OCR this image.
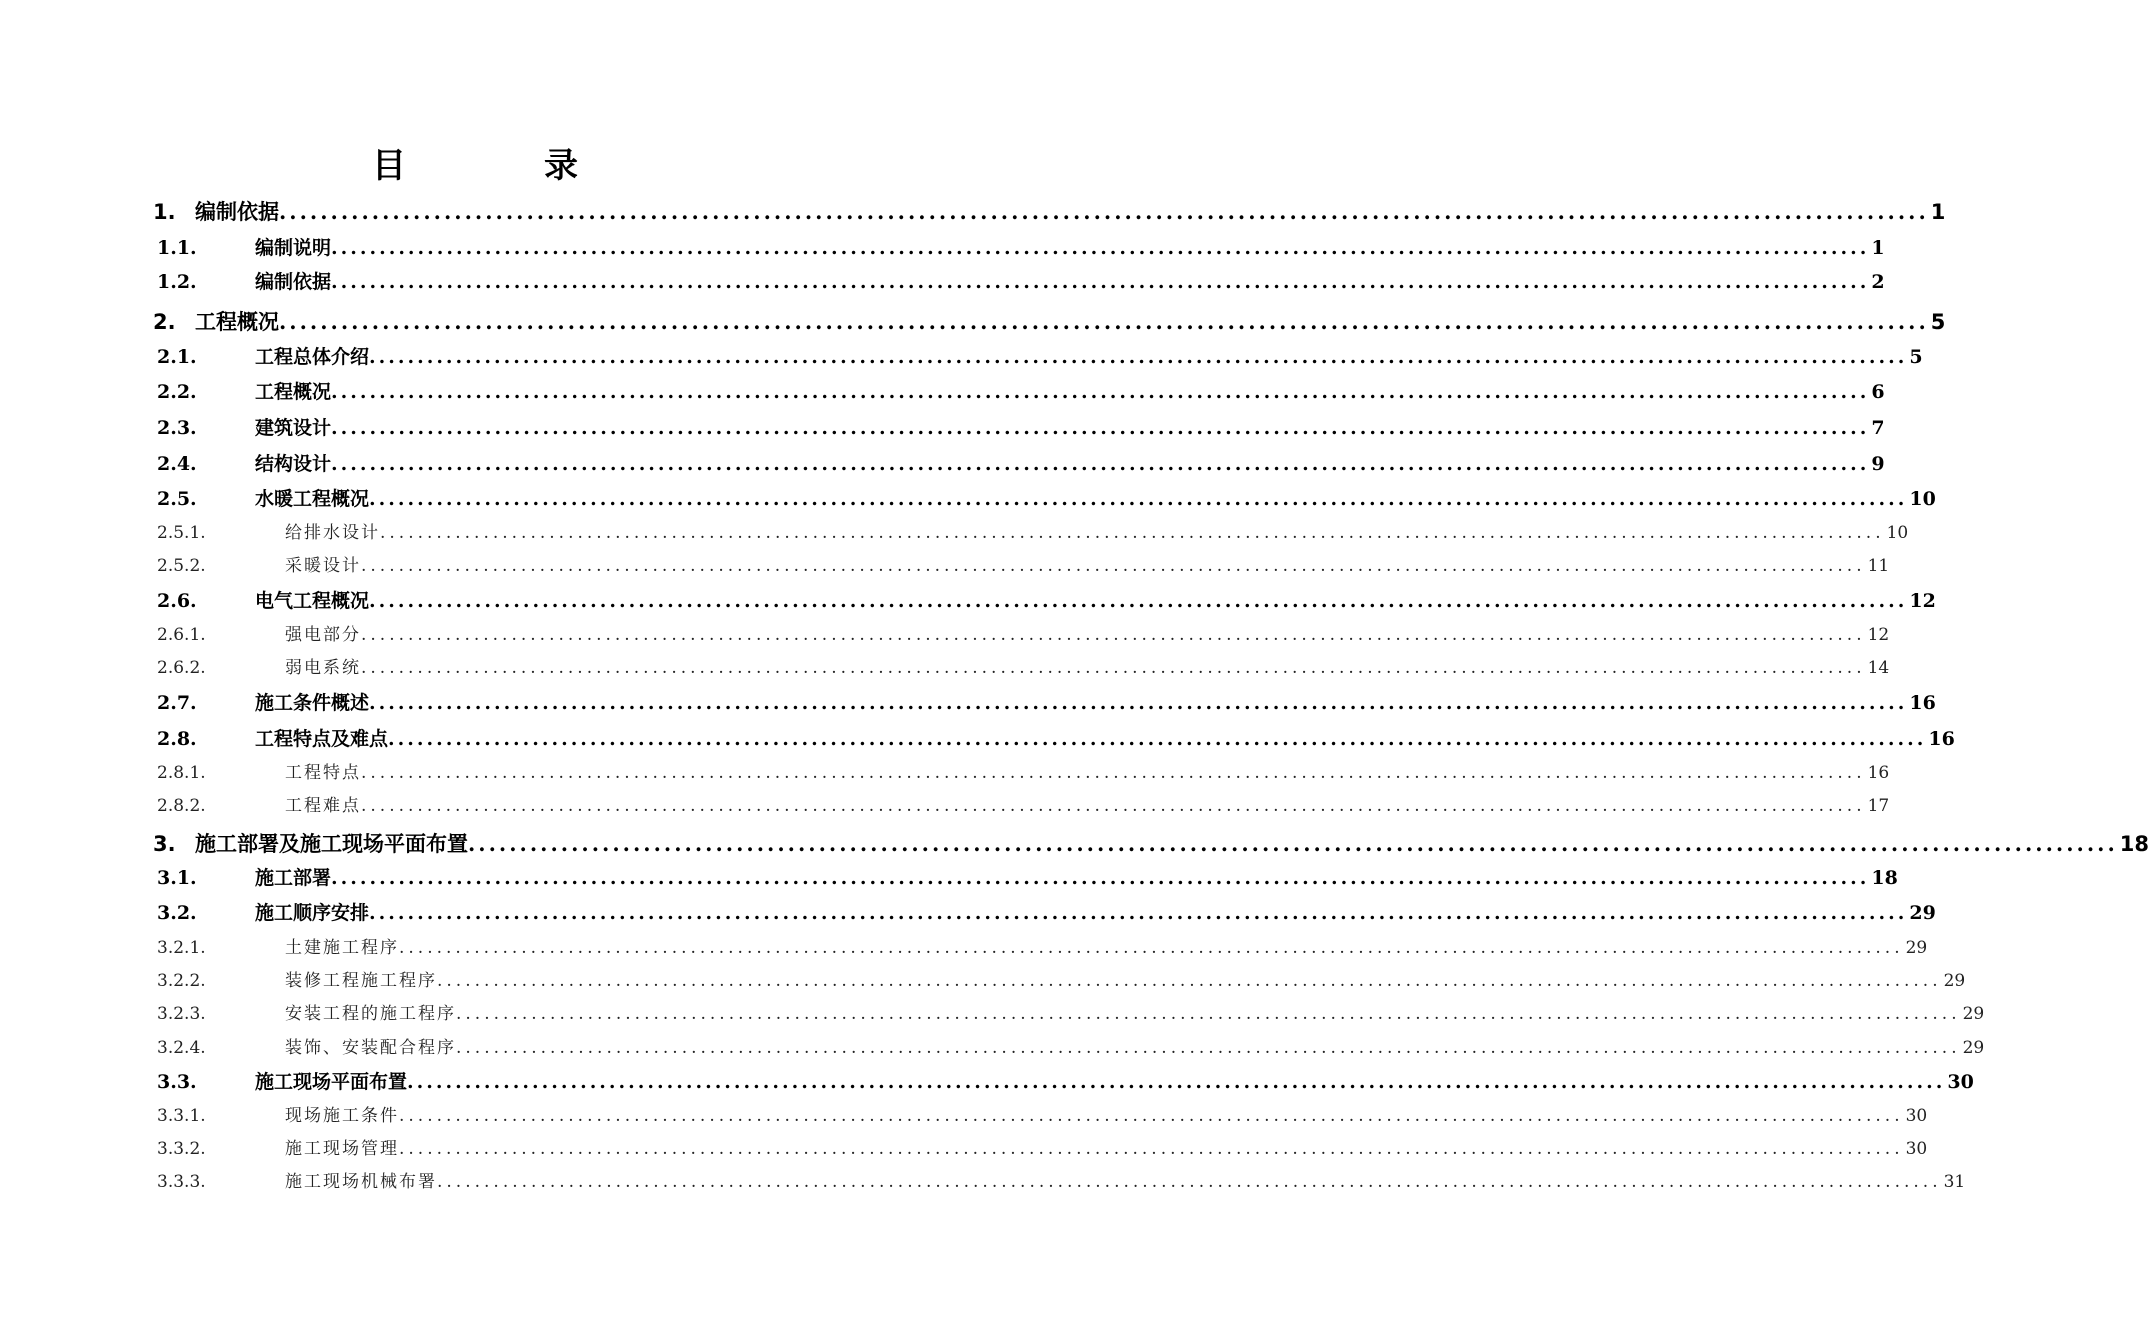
目　录
1. 编制依据 ................................................................................................................................................................ 1
1.1.	编制说明 ................................................................................................................................................................ 1
1.2.	编制依据 ................................................................................................................................................................ 2
2. 工程概况 ................................................................................................................................................................ 5
2.1.	工程总体介绍 ................................................................................................................................................................ 5
2.2.	工程概况 ................................................................................................................................................................ 6
2.3.	建筑设计 ................................................................................................................................................................ 7
2.4.	结构设计 ................................................................................................................................................................ 9
2.5.	水暖工程概况 ................................................................................................................................................................ 10
2.5.1.	给排水设计 ................................................................................................................................................................ 10
2.5.2.	采暖设计 ................................................................................................................................................................ 11
2.6.	电气工程概况 ................................................................................................................................................................ 12
2.6.1.	强电部分 ................................................................................................................................................................ 12
2.6.2.	弱电系统 ................................................................................................................................................................ 14
2.7.	施工条件概述 ................................................................................................................................................................ 16
2.8.	工程特点及难点 ................................................................................................................................................................ 16
2.8.1.	工程特点 ................................................................................................................................................................ 16
2.8.2.	工程难点 ................................................................................................................................................................ 17
3. 施工部署及施工现场平面布置 ................................................................................................................................................................ 18
3.1.	施工部署 ................................................................................................................................................................ 18
3.2.	施工顺序安排 ................................................................................................................................................................ 29
3.2.1.	土建施工程序 ................................................................................................................................................................ 29
3.2.2.	装修工程施工程序 ................................................................................................................................................................ 29
3.2.3.	安装工程的施工程序 ................................................................................................................................................................ 29
3.2.4.	装饰、安装配合程序 ................................................................................................................................................................ 29
3.3.	施工现场平面布置 ................................................................................................................................................................ 30
3.3.1.	现场施工条件 ................................................................................................................................................................ 30
3.3.2.	施工现场管理 ................................................................................................................................................................ 30
3.3.3.	施工现场机械布署 ................................................................................................................................................................ 31
